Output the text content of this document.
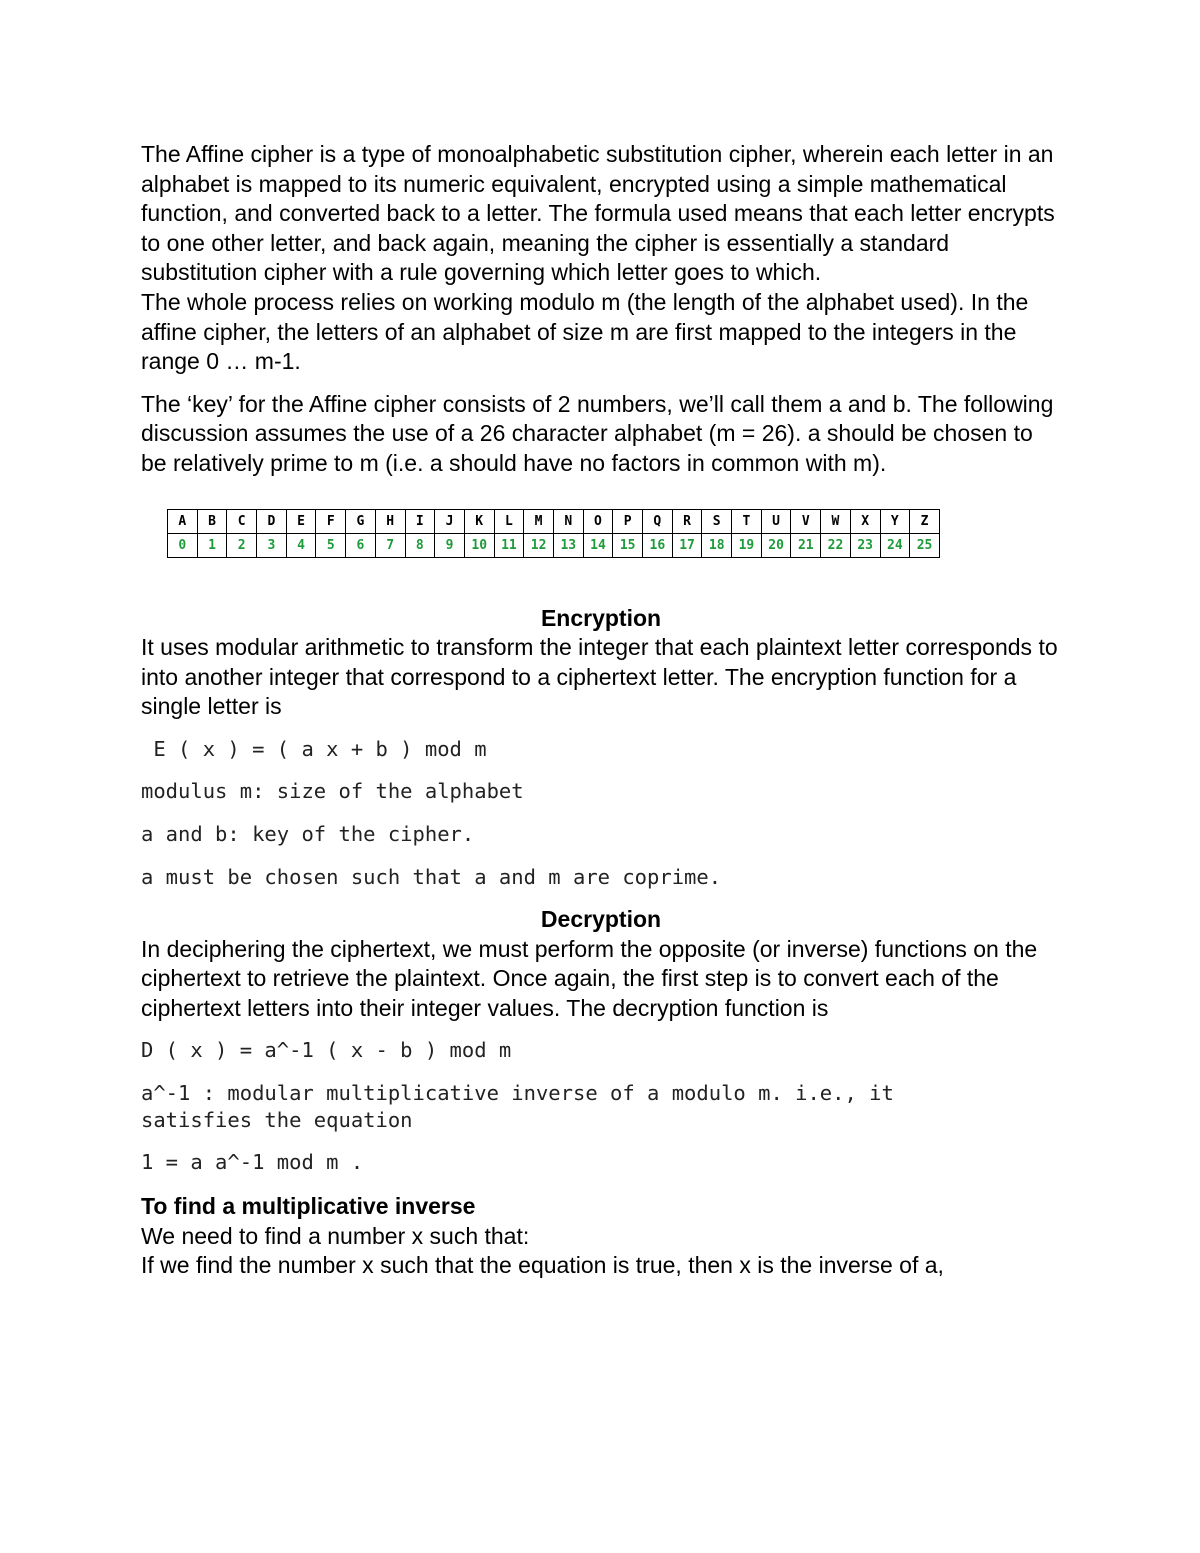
The Affine cipher is a type of monoalphabetic substitution cipher, wherein each letter in an alphabet is mapped to its numeric equivalent, encrypted using a simple mathematical function, and converted back to a letter. The formula used means that each letter encrypts to one other letter, and back again, meaning the cipher is essentially a standard substitution cipher with a rule governing which letter goes to which.

The whole process relies on working modulo m (the length of the alphabet used). In the affine cipher, the letters of an alphabet of size m are first mapped to the integers in the range 0 … m-1.

The ‘key’ for the Affine cipher consists of 2 numbers, we’ll call them a and b. The following discussion assumes the use of a 26 character alphabet (m = 26). a should be chosen to be relatively prime to m (i.e. a should have no factors in common with m).

A	B	C	D	E	F	G	H	I	J	K	L	M	N	O	P	Q	R	S	T	U	V	W	X	Y	Z
0	1	2	3	4	5	6	7	8	9	10	11	12	13	14	15	16	17	18	19	20	21	22	23	24	25

Encryption

It uses modular arithmetic to transform the integer that each plaintext letter corresponds to into another integer that correspond to a ciphertext letter. The encryption function for a single letter is

E ( x ) = ( a x + b ) mod m

modulus m: size of the alphabet

a and b: key of the cipher.

a must be chosen such that a and m are coprime.

Decryption

In deciphering the ciphertext, we must perform the opposite (or inverse) functions on the ciphertext to retrieve the plaintext. Once again, the first step is to convert each of the ciphertext letters into their integer values. The decryption function is

D ( x ) = a^-1 ( x - b ) mod m

a^-1 : modular multiplicative inverse of a modulo m. i.e., it satisfies the equation

1 = a a^-1 mod m .

To find a multiplicative inverse

We need to find a number x such that:

If we find the number x such that the equation is true, then x is the inverse of a,
